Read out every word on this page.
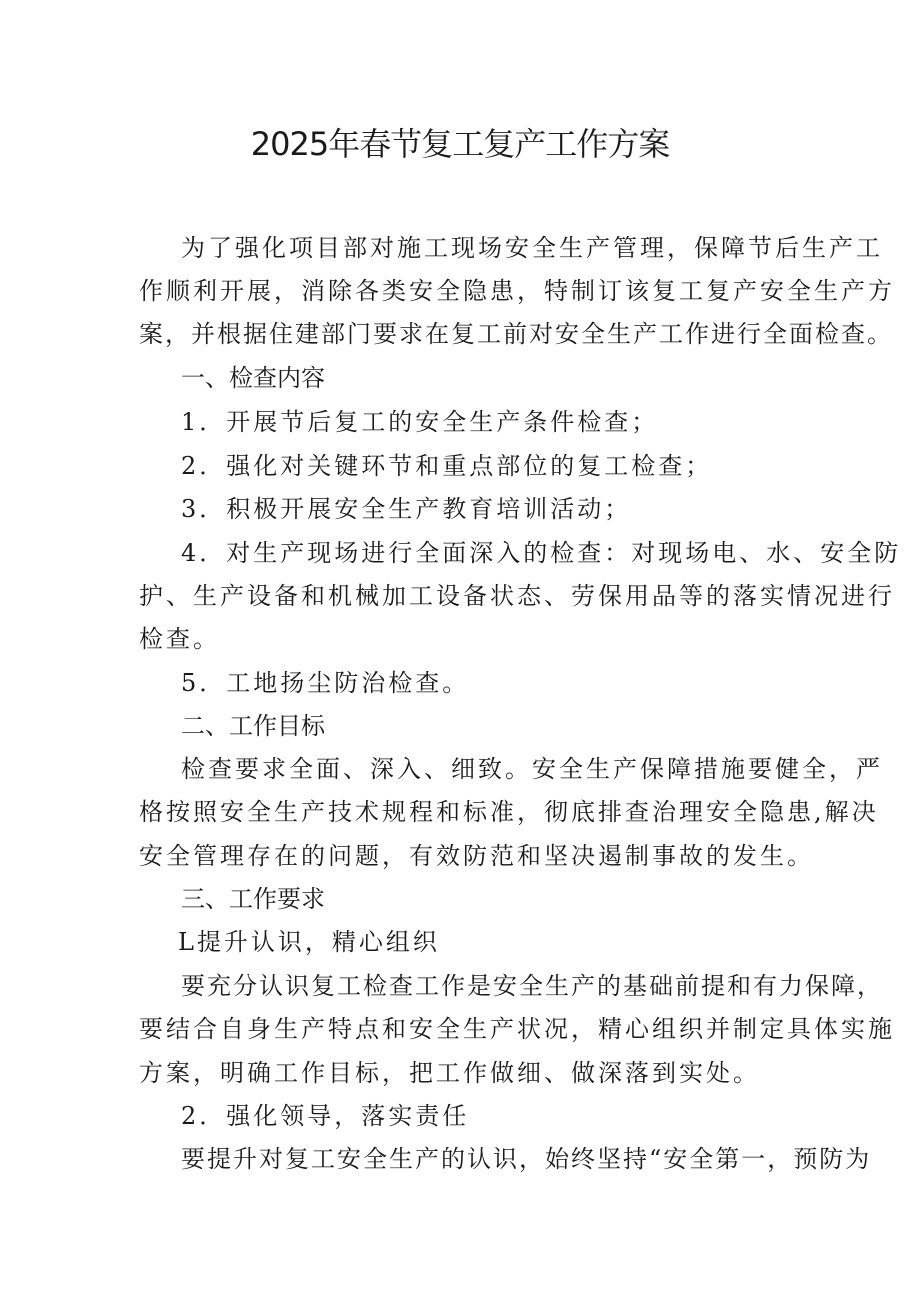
2025年春节复工复产工作方案
为了强化项目部对施工现场安全生产管理，保障节后生产工
作顺利开展，消除各类安全隐患，特制订该复工复产安全生产方
案，并根据住建部门要求在复工前对安全生产工作进行全面检查。
一、检查内容
1．开展节后复工的安全生产条件检查；
2．强化对关键环节和重点部位的复工检查；
3．积极开展安全生产教育培训活动；
4．对生产现场进行全面深入的检查：对现场电、水、安全防
护、生产设备和机械加工设备状态、劳保用品等的落实情况进行
检查。
5．工地扬尘防治检查。
二、工作目标
检查要求全面、深入、细致。安全生产保障措施要健全，严
格按照安全生产技术规程和标准，彻底排查治理安全隐患,解决
安全管理存在的问题，有效防范和坚决遏制事故的发生。
三、工作要求
L提升认识，精心组织
要充分认识复工检查工作是安全生产的基础前提和有力保障，
要结合自身生产特点和安全生产状况，精心组织并制定具体实施
方案，明确工作目标，把工作做细、做深落到实处。
2．强化领导，落实责任
要提升对复工安全生产的认识，始终坚持“安全第一，预防为
